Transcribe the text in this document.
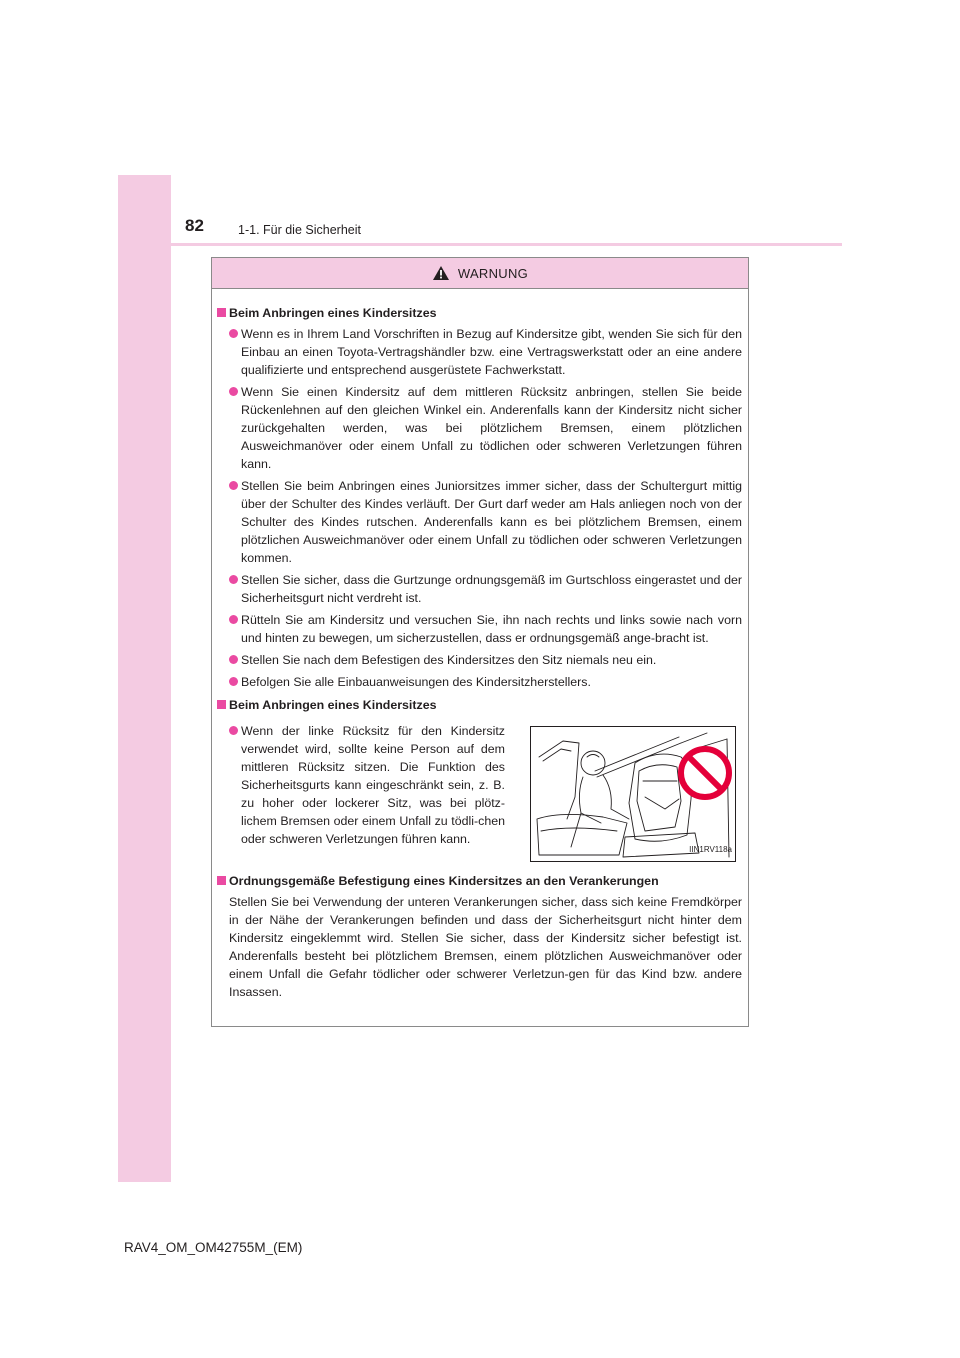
82	1-1. Für die Sicherheit
WARNUNG
Beim Anbringen eines Kindersitzes
Wenn es in Ihrem Land Vorschriften in Bezug auf Kindersitze gibt, wenden Sie sich für den Einbau an einen Toyota-Vertragshändler bzw. eine Vertragswerkstatt oder an eine andere qualifizierte und entsprechend ausgerüstete Fachwerkstatt.
Wenn Sie einen Kindersitz auf dem mittleren Rücksitz anbringen, stellen Sie beide Rückenlehnen auf den gleichen Winkel ein. Anderenfalls kann der Kindersitz nicht sicher zurückgehalten werden, was bei plötzlichem Bremsen, einem plötzlichen Ausweichmanöver oder einem Unfall zu tödlichen oder schweren Verletzungen führen kann.
Stellen Sie beim Anbringen eines Juniorsitzes immer sicher, dass der Schultergurt mittig über der Schulter des Kindes verläuft. Der Gurt darf weder am Hals anliegen noch von der Schulter des Kindes rutschen. Anderenfalls kann es bei plötzlichem Bremsen, einem plötzlichen Ausweichmanöver oder einem Unfall zu tödlichen oder schweren Verletzungen kommen.
Stellen Sie sicher, dass die Gurtzunge ordnungsgemäß im Gurtschloss eingerastet und der Sicherheitsgurt nicht verdreht ist.
Rütteln Sie am Kindersitz und versuchen Sie, ihn nach rechts und links sowie nach vorn und hinten zu bewegen, um sicherzustellen, dass er ordnungsgemäß ange-bracht ist.
Stellen Sie nach dem Befestigen des Kindersitzes den Sitz niemals neu ein.
Befolgen Sie alle Einbauanweisungen des Kindersitzherstellers.
Beim Anbringen eines Kindersitzes
Wenn der linke Rücksitz für den Kindersitz verwendet wird, sollte keine Person auf dem mittleren Rücksitz sitzen. Die Funktion des Sicherheitsgurts kann eingeschränkt sein, z. B. zu hoher oder lockerer Sitz, was bei plötz-lichem Bremsen oder einem Unfall zu tödli-chen oder schweren Verletzungen führen kann.
IIN1RV118a
Ordnungsgemäße Befestigung eines Kindersitzes an den Verankerungen
Stellen Sie bei Verwendung der unteren Verankerungen sicher, dass sich keine Fremdkörper in der Nähe der Verankerungen befinden und dass der Sicherheitsgurt nicht hinter dem Kindersitz eingeklemmt wird. Stellen Sie sicher, dass der Kindersitz sicher befestigt ist. Anderenfalls besteht bei plötzlichem Bremsen, einem plötzlichen Ausweichmanöver oder einem Unfall die Gefahr tödlicher oder schwerer Verletzun-gen für das Kind bzw. andere Insassen.
RAV4_OM_OM42755M_(EM)
